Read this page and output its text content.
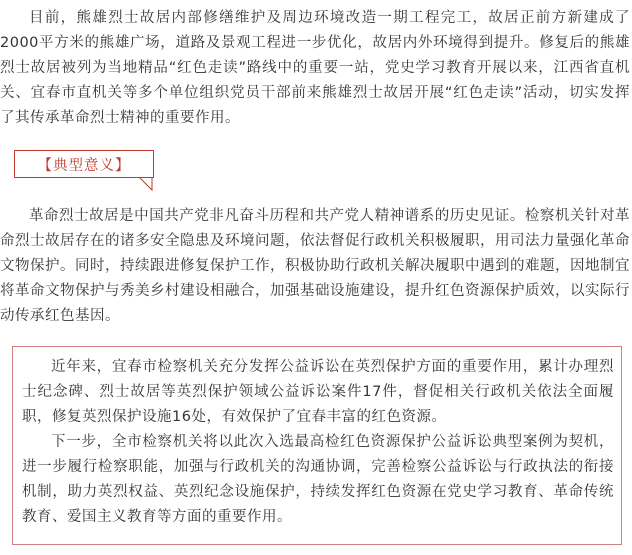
目前，熊雄烈士故居内部修缮维护及周边环境改造一期工程完工，故居正前方新建成了2000平方米的熊雄广场，道路及景观工程进一步优化，故居内外环境得到提升。修复后的熊雄烈士故居被列为当地精品“红色走读”路线中的重要一站，党史学习教育开展以来，江西省直机关、宜春市直机关等多个单位组织党员干部前来熊雄烈士故居开展“红色走读”活动，切实发挥了其传承革命烈士精神的重要作用。

【典型意义】

革命烈士故居是中国共产党非凡奋斗历程和共产党人精神谱系的历史见证。检察机关针对革命烈士故居存在的诸多安全隐患及环境问题，依法督促行政机关积极履职，用司法力量强化革命文物保护。同时，持续跟进修复保护工作，积极协助行政机关解决履职中遇到的难题，因地制宜将革命文物保护与秀美乡村建设相融合，加强基础设施建设，提升红色资源保护质效，以实际行动传承红色基因。

近年来，宜春市检察机关充分发挥公益诉讼在英烈保护方面的重要作用，累计办理烈士纪念碑、烈士故居等英烈保护领域公益诉讼案件17件，督促相关行政机关依法全面履职，修复英烈保护设施16处，有效保护了宜春丰富的红色资源。

下一步，全市检察机关将以此次入选最高检红色资源保护公益诉讼典型案例为契机，进一步履行检察职能，加强与行政机关的沟通协调，完善检察公益诉讼与行政执法的衔接机制，助力英烈权益、英烈纪念设施保护，持续发挥红色资源在党史学习教育、革命传统教育、爱国主义教育等方面的重要作用。
